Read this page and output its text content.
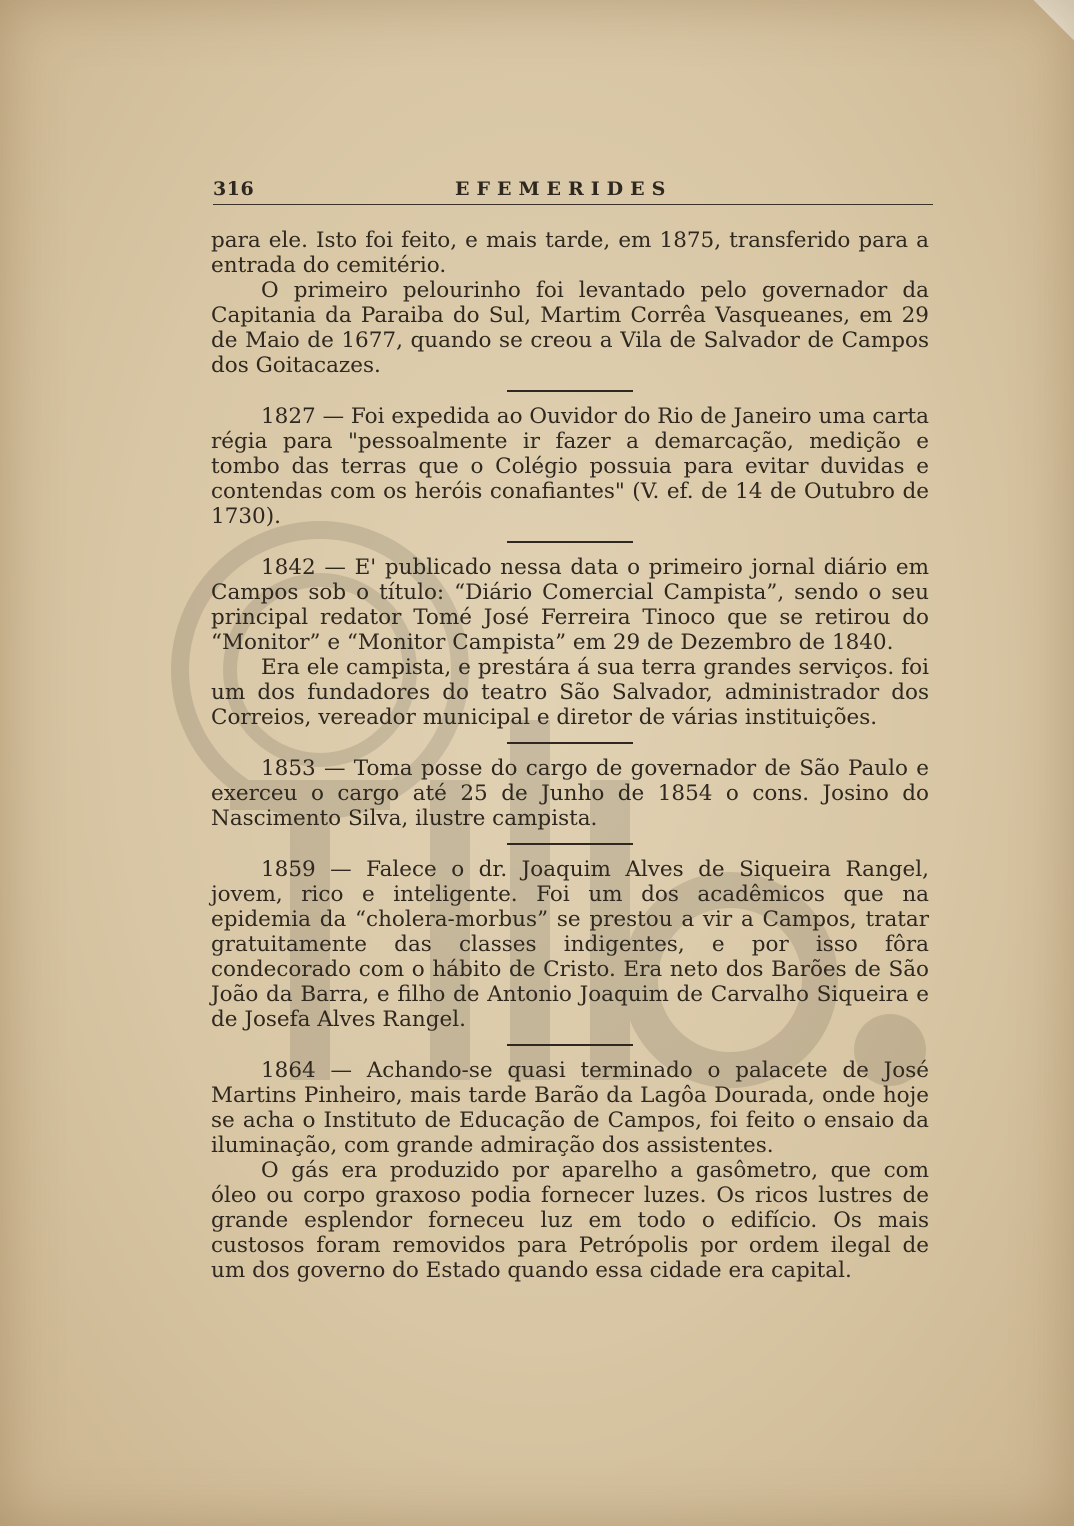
316	EFEMERIDES

para ele. Isto foi feito, e mais tarde, em 1875, transferido para a entrada do cemitério.

O primeiro pelourinho foi levantado pelo governador da Capitania da Paraiba do Sul, Martim Corrêa Vasqueanes, em 29 de Maio de 1677, quando se creou a Vila de Salvador de Campos dos Goitacazes.

1827 — Foi expedida ao Ouvidor do Rio de Janeiro uma carta régia para "pessoalmente ir fazer a demarcação, medição e tombo das terras que o Colégio possuia para evitar duvidas e contendas com os heróis conafiantes" (V. ef. de 14 de Outubro de 1730).

1842 — E' publicado nessa data o primeiro jornal diário em Campos sob o título: “Diário Comercial Campista”, sendo o seu principal redator Tomé José Ferreira Tinoco que se retirou do “Monitor” e “Monitor Campista” em 29 de Dezembro de 1840.

Era ele campista, e prestára á sua terra grandes serviços. foi um dos fundadores do teatro São Salvador, administrador dos Correios, vereador municipal e diretor de várias instituições.

1853 — Toma posse do cargo de governador de São Paulo e exerceu o cargo até 25 de Junho de 1854 o cons. Josino do Nascimento Silva, ilustre campista.

1859 — Falece o dr. Joaquim Alves de Siqueira Rangel, jovem, rico e inteligente. Foi um dos acadêmicos que na epidemia da “cholera-morbus” se prestou a vir a Campos, tratar gratuitamente das classes indigentes, e por isso fôra condecorado com o hábito de Cristo. Era neto dos Barões de São João da Barra, e filho de Antonio Joaquim de Carvalho Siqueira e de Josefa Alves Rangel.

1864 — Achando-se quasi terminado o palacete de José Martins Pinheiro, mais tarde Barão da Lagôa Dourada, onde hoje se acha o Instituto de Educação de Campos, foi feito o ensaio da iluminação, com grande admiração dos assistentes.

O gás era produzido por aparelho a gasômetro, que com óleo ou corpo graxoso podia fornecer luzes. Os ricos lustres de grande esplendor forneceu luz em todo o edifício. Os mais custosos foram removidos para Petrópolis por ordem ilegal de um dos governo do Estado quando essa cidade era capital.
